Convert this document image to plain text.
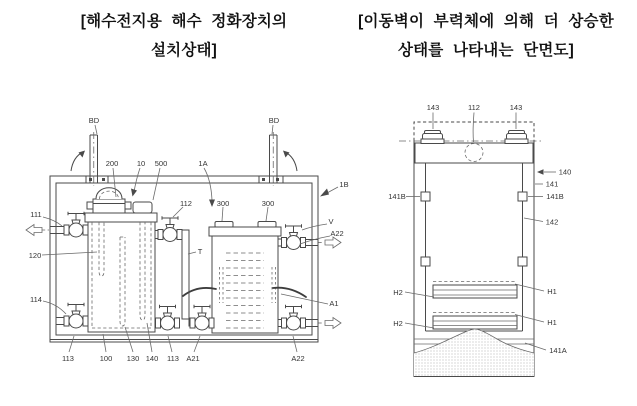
[해수전지용 해수 정화장치의
설치상태]
[이동벽이 부력체에 의해 더 상승한
상태를 나타내는 단면도]
BD	BD
200 10 500	1A
1B
111
120
114
112	300	300
T
V
A22
A1
113	100 130 140 113 A21	A22
143	112	143
140
141
141B
141B
142
H2	H1
H2	H1
141A
